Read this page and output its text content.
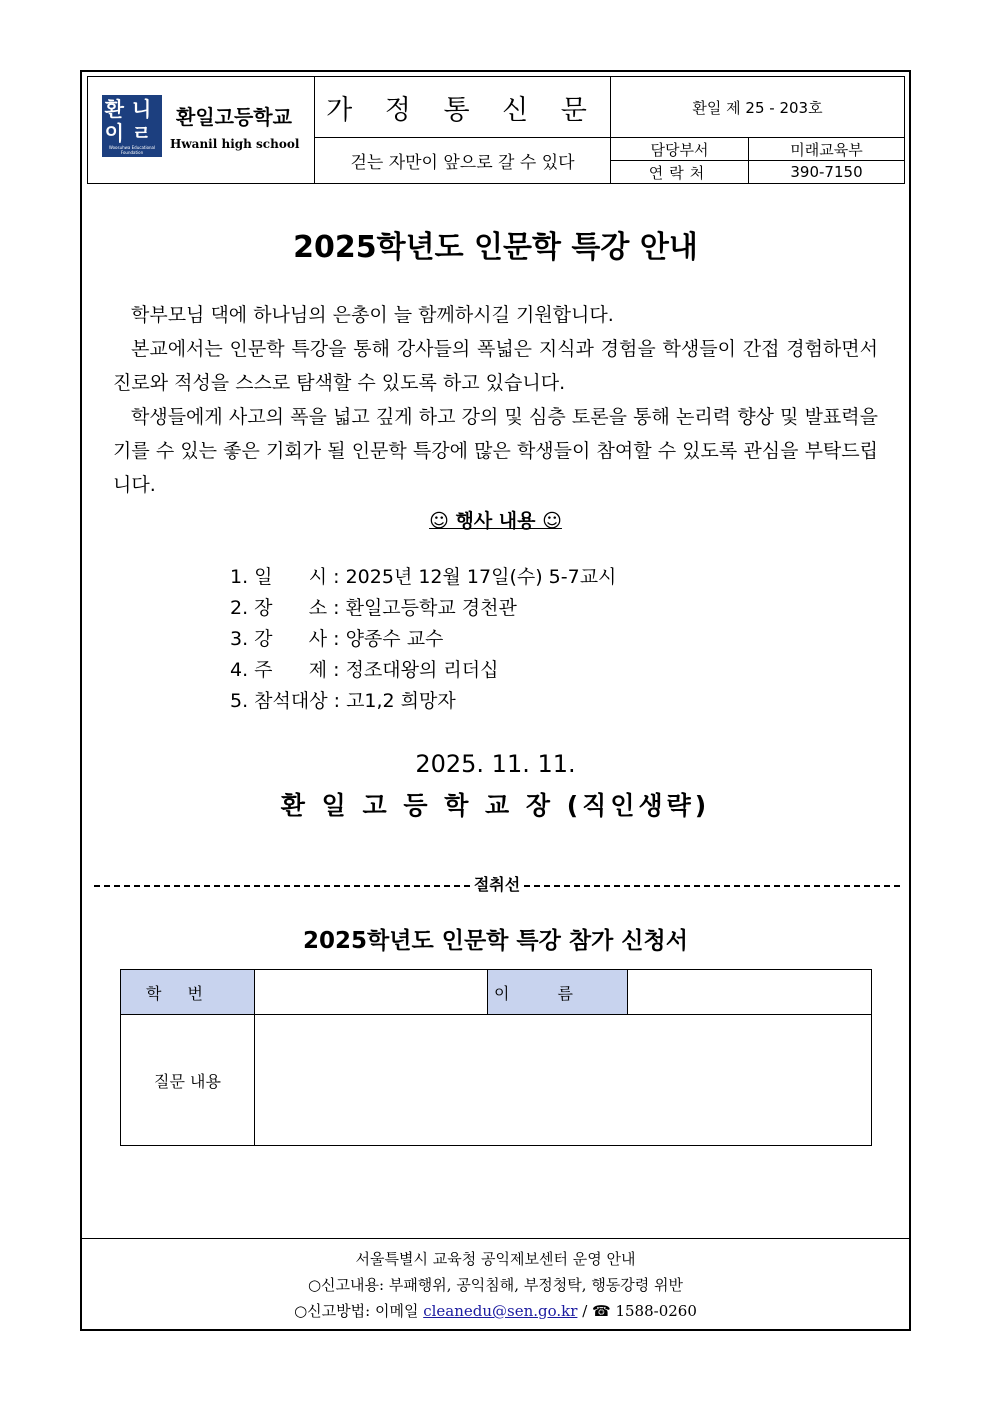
환니
이ㄹ
Woosuhwa Educational Foundation
환일고등학교
Hwanil high school
가 정 통 신 문
걷는 자만이 앞으로 갈 수 있다
환일 제 25 - 203호
담당부서	미래교육부
연락처	390-7150
2025학년도 인문학 특강 안내
학부모님 댁에 하나님의 은총이 늘 함께하시길 기원합니다.
본교에서는 인문학 특강을 통해 강사들의 폭넓은 지식과 경험을 학생들이 간접 경험하면서 진로와 적성을 스스로 탐색할 수 있도록 하고 있습니다.
학생들에게 사고의 폭을 넓고 깊게 하고 강의 및 심층 토론을 통해 논리력 향상 및 발표력을 기를 수 있는 좋은 기회가 될 인문학 특강에 많은 학생들이 참여할 수 있도록 관심을 부탁드립니다.
☺ 행사 내용 ☺
1. 일      시 : 2025년 12월 17일(수) 5-7교시
2. 장      소 : 환일고등학교 경천관
3. 강      사 : 양종수 교수
4. 주      제 : 정조대왕의 리더십
5. 참석대상 : 고1,2 희망자
2025. 11. 11.
환 일 고 등 학 교 장 (직인생략)
절취선
2025학년도 인문학 특강 참가 신청서
학번	이름
질문 내용
서울특별시 교육청 공익제보센터 운영 안내
○신고내용: 부패행위, 공익침해, 부정청탁, 행동강령 위반
○신고방법: 이메일 cleanedu@sen.go.kr / ☎ 1588-0260
